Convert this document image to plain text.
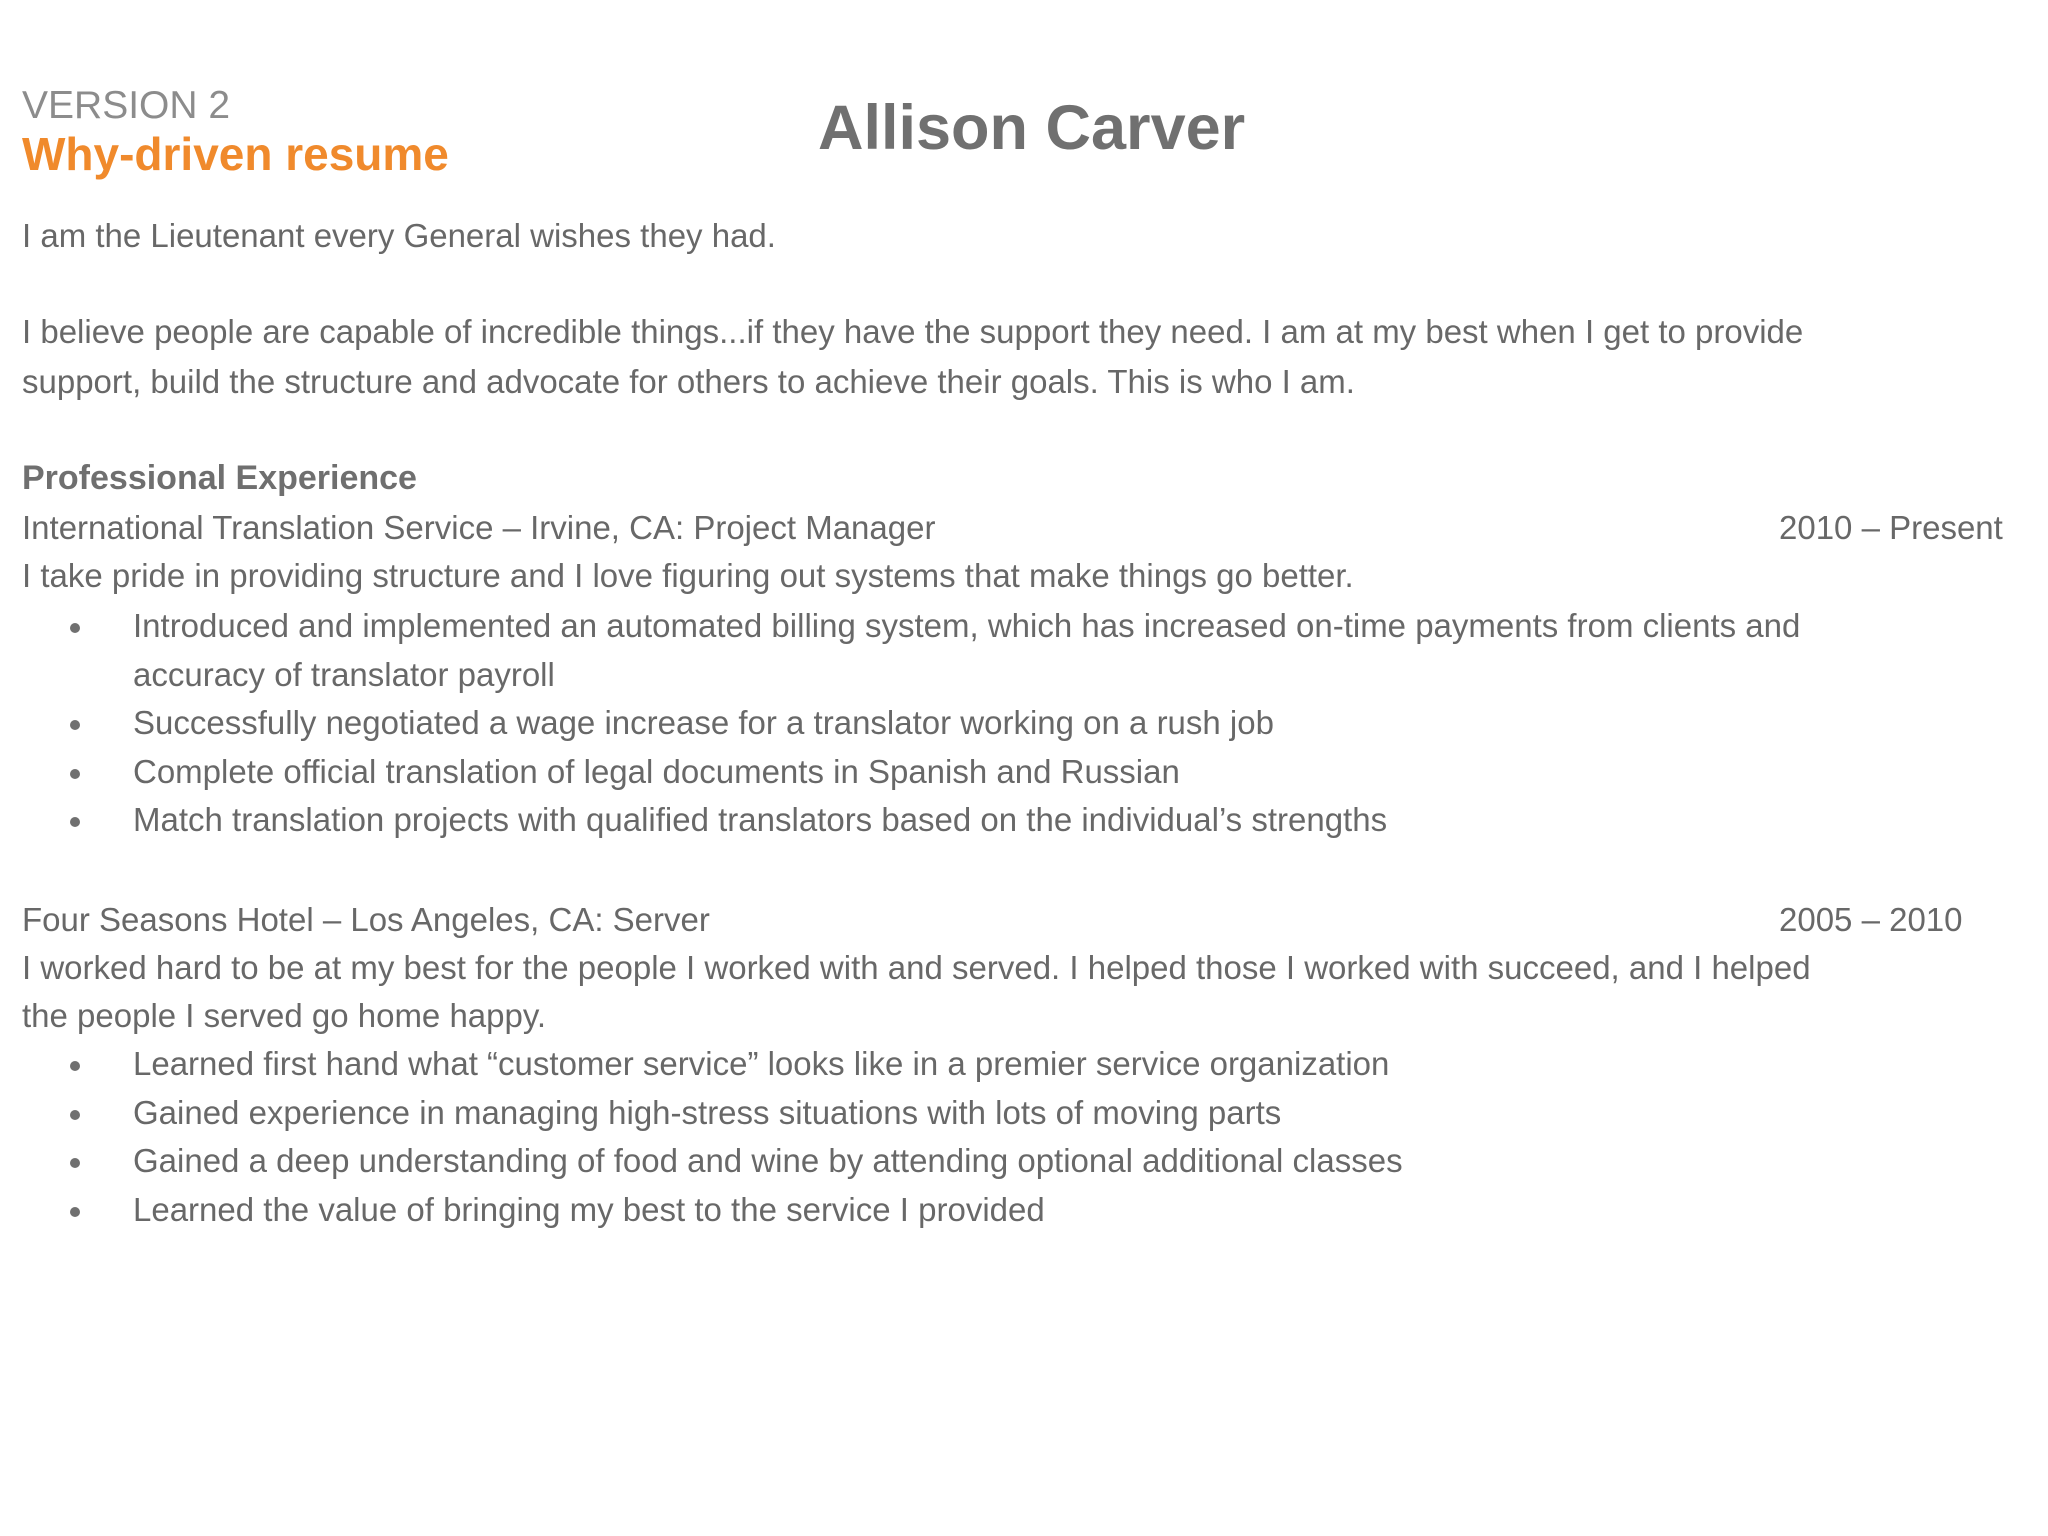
VERSION 2
Why-driven resume	Allison Carver
I am the Lieutenant every General wishes they had.
I believe people are capable of incredible things...if they have the support they need. I am at my best when I get to provide
support, build the structure and advocate for others to achieve their goals. This is who I am.
Professional Experience
International Translation Service – Irvine, CA: Project Manager	2010 – Present
I take pride in providing structure and I love figuring out systems that make things go better.
Introduced and implemented an automated billing system, which has increased on-time payments from clients and accuracy of translator payroll
Successfully negotiated a wage increase for a translator working on a rush job
Complete official translation of legal documents in Spanish and Russian
Match translation projects with qualified translators based on the individual’s strengths
Four Seasons Hotel – Los Angeles, CA: Server	2005 – 2010
I worked hard to be at my best for the people I worked with and served. I helped those I worked with succeed, and I helped
the people I served go home happy.
Learned first hand what “customer service” looks like in a premier service organization
Gained experience in managing high-stress situations with lots of moving parts
Gained a deep understanding of food and wine by attending optional additional classes
Learned the value of bringing my best to the service I provided
